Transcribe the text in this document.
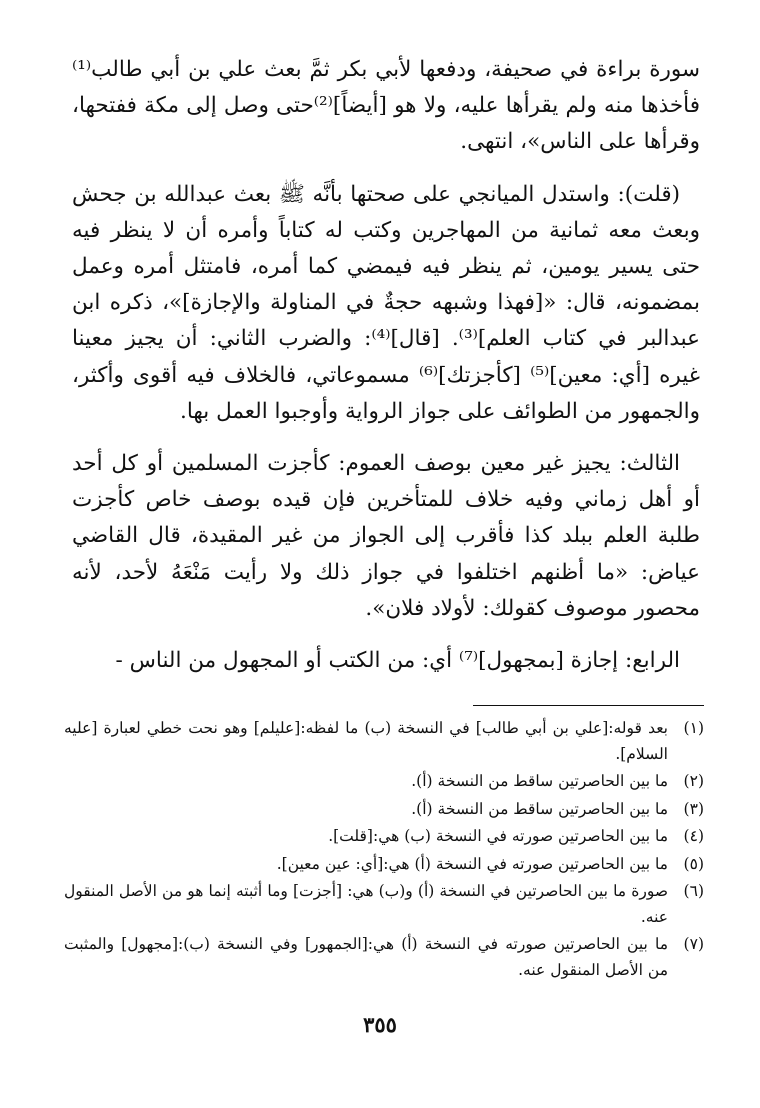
سورة براءة في صحيفة، ودفعها لأبي بكر ثمَّ بعث علي بن أبي طالب⁽¹⁾ فأخذها منه ولم يقرأها عليه، ولا هو [أيضاً]⁽²⁾حتى وصل إلى مكة ففتحها، وقرأها على الناس»، انتهى.

(قلت): واستدل الميانجي على صحتها بأنَّه ﷺ بعث عبدالله بن جحش وبعث معه ثمانية من المهاجرين وكتب له كتاباً وأمره أن لا ينظر فيه حتى يسير يومين، ثم ينظر فيه فيمضي كما أمره، فامتثل أمره وعمل بمضمونه، قال: «[فهذا وشبهه حجةٌ في المناولة والإجازة]»، ذكره ابن عبدالبر في كتاب العلم]⁽³⁾. [قال]⁽⁴⁾: والضرب الثاني: أن يجيز معينا غيره [أي: معين]⁽⁵⁾ [كأجزتك]⁽⁶⁾ مسموعاتي، فالخلاف فيه أقوى وأكثر، والجمهور من الطوائف على جواز الرواية وأوجبوا العمل بها.

الثالث: يجيز غير معين بوصف العموم: كأجزت المسلمين أو كل أحد أو أهل زماني وفيه خلاف للمتأخرين فإن قيده بوصف خاص كأجزت طلبة العلم ببلد كذا فأقرب إلى الجواز من غير المقيدة، قال القاضي عياض: «ما أظنهم اختلفوا في جواز ذلك ولا رأيت مَنْعَهُ لأحد، لأنه محصور موصوف كقولك: لأولاد فلان».

الرابع: إجازة [بمجهول]⁽⁷⁾ أي: من الكتب أو المجهول من الناس -

(١)
بعد قوله:[علي بن أبي طالب] في النسخة (ب) ما لفظه:[عليلم] وهو نحت خطي لعبارة [عليه السلام].
(٢)
ما بين الحاصرتين ساقط من النسخة (أ).
(٣)
ما بين الحاصرتين ساقط من النسخة (أ).
(٤)
ما بين الحاصرتين صورته في النسخة (ب) هي:[قلت].
(٥)
ما بين الحاصرتين صورته في النسخة (أ) هي:[أي: عين معين].
(٦)
صورة ما بين الحاصرتين في النسخة (أ) و(ب) هي: [أجزت] وما أثبته إنما هو من الأصل المنقول عنه.
(٧)
ما بين الحاصرتين صورته في النسخة (أ) هي:[الجمهور] وفي النسخة (ب):[مجهول] والمثبت من الأصل المنقول عنه.
٣٥٥
